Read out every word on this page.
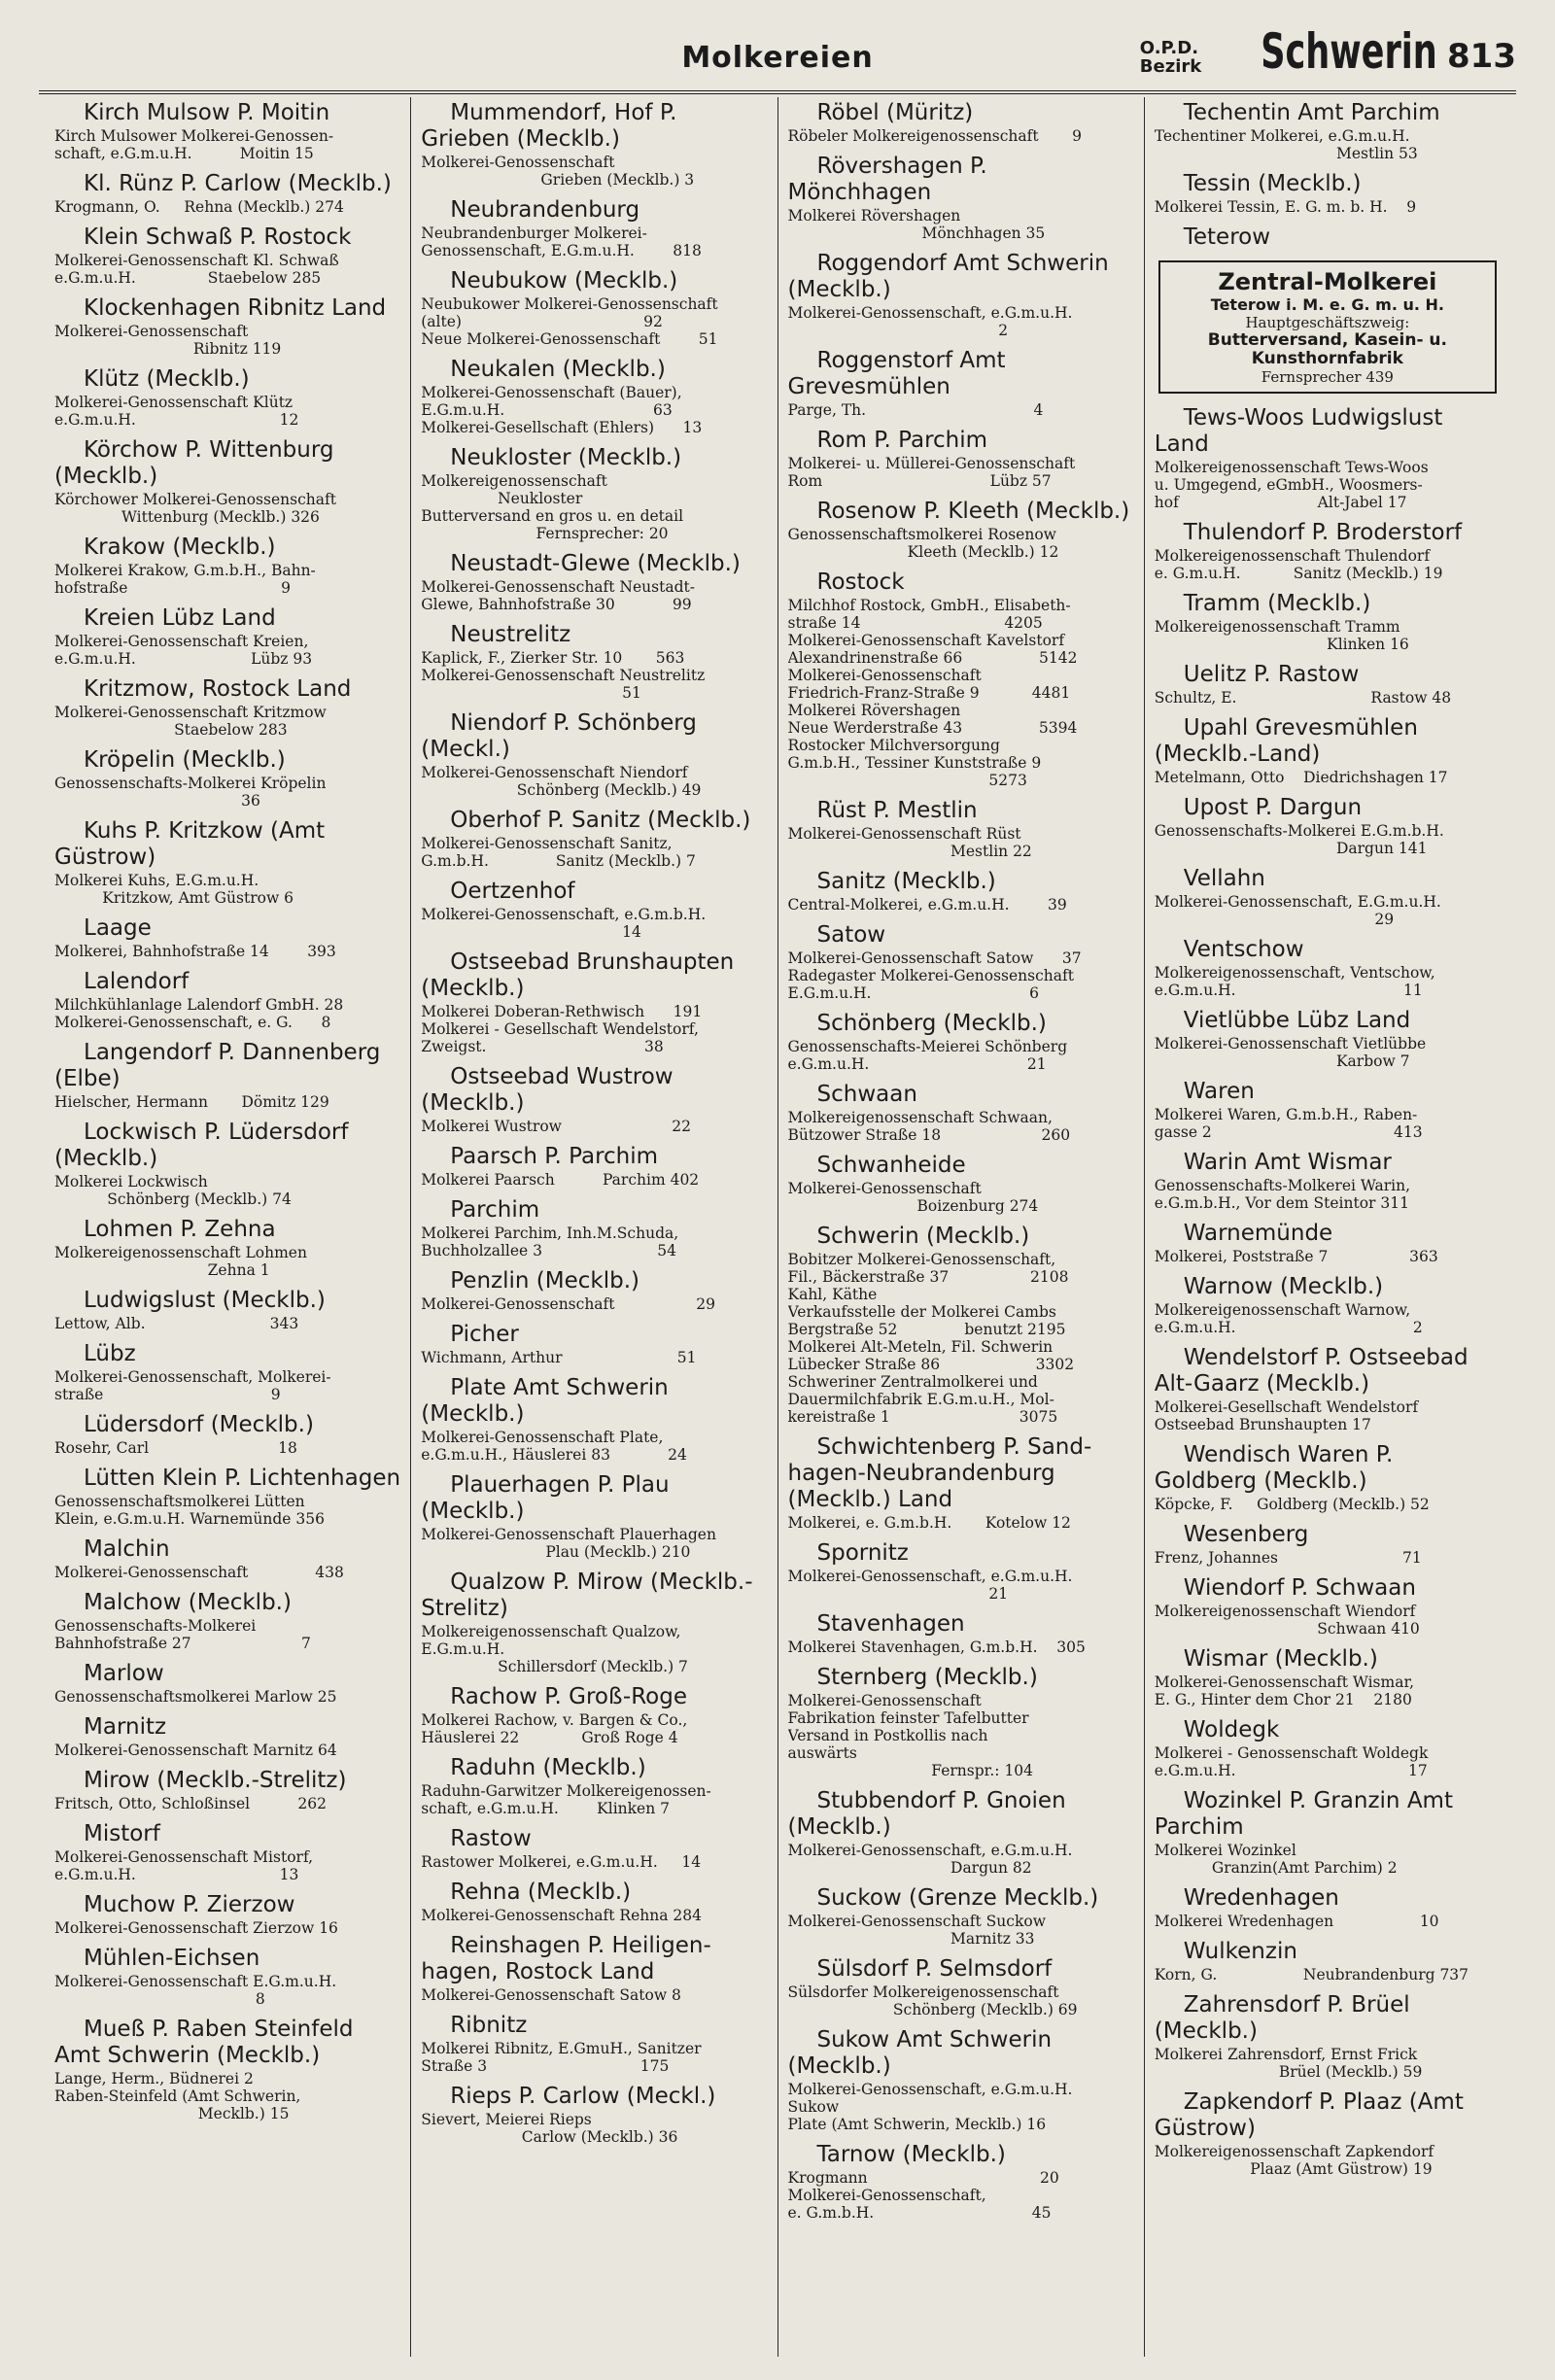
Molkereien	O.P.D.
Bezirk Schwerin 813
Kirch Mulsow P. Moitin
Kirch Mulsower Molkerei-Genossen-
schaft, e.G.m.u.H.          Moitin 15
Kl. Rünz P. Carlow (Mecklb.)
Krogmann, O.     Rehna (Mecklb.) 274
Klein Schwaß P. Rostock
Molkerei-Genossenschaft Kl. Schwaß
e.G.m.u.H.               Staebelow 285
Klockenhagen Ribnitz Land
Molkerei-Genossenschaft
Ribnitz 119
Klütz (Mecklb.)
Molkerei-Genossenschaft Klütz
e.G.m.u.H.                              12
Körchow P. Wittenburg (Mecklb.)
Körchower Molkerei-Genossenschaft
Wittenburg (Mecklb.) 326
Krakow (Mecklb.)
Molkerei Krakow, G.m.b.H., Bahn-
hofstraße                                9
Kreien Lübz Land
Molkerei-Genossenschaft Kreien,
e.G.m.u.H.                        Lübz 93
Kritzmow, Rostock Land
Molkerei-Genossenschaft Kritzmow
Staebelow 283
Kröpelin (Mecklb.)
Genossenschafts-Molkerei Kröpelin
36
Kuhs P. Kritzkow (Amt Güstrow)
Molkerei Kuhs, E.G.m.u.H.
Kritzkow, Amt Güstrow 6
Laage
Molkerei, Bahnhofstraße 14        393
Lalendorf
Milchkühlanlage Lalendorf GmbH. 28
Molkerei-Genossenschaft, e. G.      8
Langendorf P. Dannenberg (Elbe)
Hielscher, Hermann       Dömitz 129
Lockwisch P. Lüdersdorf (Mecklb.)
Molkerei Lockwisch
Schönberg (Mecklb.) 74
Lohmen P. Zehna
Molkereigenossenschaft Lohmen
Zehna 1
Ludwigslust (Mecklb.)
Lettow, Alb.                          343
Lübz
Molkerei-Genossenschaft, Molkerei-
straße                                   9
Lüdersdorf (Mecklb.)
Rosehr, Carl                           18
Lütten Klein P. Lichtenhagen
Genossenschaftsmolkerei Lütten
Klein, e.G.m.u.H. Warnemünde 356
Malchin
Molkerei-Genossenschaft              438
Malchow (Mecklb.)
Genossenschafts-Molkerei
Bahnhofstraße 27                       7
Marlow
Genossenschaftsmolkerei Marlow 25
Marnitz
Molkerei-Genossenschaft Marnitz 64
Mirow (Mecklb.-Strelitz)
Fritsch, Otto, Schloßinsel          262
Mistorf
Molkerei-Genossenschaft Mistorf,
e.G.m.u.H.                              13
Muchow P. Zierzow
Molkerei-Genossenschaft Zierzow 16
Mühlen-Eichsen
Molkerei-Genossenschaft E.G.m.u.H.
8
Mueß P. Raben Steinfeld Amt Schwerin (Mecklb.)
Lange, Herm., Büdnerei 2
Raben-Steinfeld (Amt Schwerin,
Mecklb.) 15
Mummendorf, Hof P. Grieben (Mecklb.)
Molkerei-Genossenschaft
Grieben (Mecklb.) 3
Neubrandenburg
Neubrandenburger Molkerei-
Genossenschaft, E.G.m.u.H.        818
Neubukow (Mecklb.)
Neubukower Molkerei-Genossenschaft
(alte)                                      92
Neue Molkerei-Genossenschaft        51
Neukalen (Mecklb.)
Molkerei-Genossenschaft (Bauer),
E.G.m.u.H.                               63
Molkerei-Gesellschaft (Ehlers)      13
Neukloster (Mecklb.)
Molkereigenossenschaft
Neukloster
Butterversand en gros u. en detail
Fernsprecher: 20
Neustadt-Glewe (Mecklb.)
Molkerei-Genossenschaft Neustadt-
Glewe, Bahnhofstraße 30            99
Neustrelitz
Kaplick, F., Zierker Str. 10       563
Molkerei-Genossenschaft Neustrelitz
51
Niendorf P. Schönberg (Meckl.)
Molkerei-Genossenschaft Niendorf
Schönberg (Mecklb.) 49
Oberhof P. Sanitz (Mecklb.)
Molkerei-Genossenschaft Sanitz,
G.m.b.H.              Sanitz (Mecklb.) 7
Oertzenhof
Molkerei-Genossenschaft, e.G.m.b.H.
14
Ostseebad Brunshaupten (Mecklb.)
Molkerei Doberan-Rethwisch      191
Molkerei - Gesellschaft Wendelstorf,
Zweigst.                                 38
Ostseebad Wustrow (Mecklb.)
Molkerei Wustrow                       22
Paarsch P. Parchim
Molkerei Paarsch          Parchim 402
Parchim
Molkerei Parchim, Inh.M.Schuda,
Buchholzallee 3                        54
Penzlin (Mecklb.)
Molkerei-Genossenschaft                 29
Picher
Wichmann, Arthur                        51
Plate Amt Schwerin (Mecklb.)
Molkerei-Genossenschaft Plate,
e.G.m.u.H., Häuslerei 83            24
Plauerhagen P. Plau (Mecklb.)
Molkerei-Genossenschaft Plauerhagen
Plau (Mecklb.) 210
Qualzow P. Mirow (Mecklb.-Strelitz)
Molkereigenossenschaft Qualzow,
E.G.m.u.H.
Schillersdorf (Mecklb.) 7
Rachow P. Groß-Roge
Molkerei Rachow, v. Bargen & Co.,
Häuslerei 22             Groß Roge 4
Raduhn (Mecklb.)
Raduhn-Garwitzer Molkereigenossen-
schaft, e.G.m.u.H.        Klinken 7
Rastow
Rastower Molkerei, e.G.m.u.H.     14
Rehna (Mecklb.)
Molkerei-Genossenschaft Rehna 284
Reinshagen P. Heiligen-hagen, Rostock Land
Molkerei-Genossenschaft Satow 8
Ribnitz
Molkerei Ribnitz, E.GmuH., Sanitzer
Straße 3                                175
Rieps P. Carlow (Meckl.)
Sievert, Meierei Rieps
Carlow (Mecklb.) 36
Röbel (Müritz)
Röbeler Molkereigenossenschaft       9
Rövershagen P. Mönchhagen
Molkerei Rövershagen
Mönchhagen 35
Roggendorf Amt Schwerin (Mecklb.)
Molkerei-Genossenschaft, e.G.m.u.H.
2
Roggenstorf Amt Grevesmühlen
Parge, Th.                                   4
Rom P. Parchim
Molkerei- u. Müllerei-Genossenschaft
Rom                                   Lübz 57
Rosenow P. Kleeth (Mecklb.)
Genossenschaftsmolkerei Rosenow
Kleeth (Mecklb.) 12
Rostock
Milchhof Rostock, GmbH., Elisabeth-
straße 14                              4205
Molkerei-Genossenschaft Kavelstorf
Alexandrinenstraße 66                5142
Molkerei-Genossenschaft
Friedrich-Franz-Straße 9           4481
Molkerei Rövershagen
Neue Werderstraße 43                5394
Rostocker Milchversorgung
G.m.b.H., Tessiner Kunststraße 9
5273
Rüst P. Mestlin
Molkerei-Genossenschaft Rüst
Mestlin 22
Sanitz (Mecklb.)
Central-Molkerei, e.G.m.u.H.        39
Satow
Molkerei-Genossenschaft Satow      37
Radegaster Molkerei-Genossenschaft
E.G.m.u.H.                                 6
Schönberg (Mecklb.)
Genossenschafts-Meierei Schönberg
e.G.m.u.H.                                 21
Schwaan
Molkereigenossenschaft Schwaan,
Bützower Straße 18                     260
Schwanheide
Molkerei-Genossenschaft
Boizenburg 274
Schwerin (Mecklb.)
Bobitzer Molkerei-Genossenschaft,
Fil., Bäckerstraße 37                 2108
Kahl, Käthe
Verkaufsstelle der Molkerei Cambs
Bergstraße 52              benutzt 2195
Molkerei Alt-Meteln, Fil. Schwerin
Lübecker Straße 86                    3302
Schweriner Zentralmolkerei und
Dauermilchfabrik E.G.m.u.H., Mol-
kereistraße 1                           3075
Schwichtenberg P. Sand-hagen-Neubrandenburg (Mecklb.) Land
Molkerei, e. G.m.b.H.       Kotelow 12
Spornitz
Molkerei-Genossenschaft, e.G.m.u.H.
21
Stavenhagen
Molkerei Stavenhagen, G.m.b.H.    305
Sternberg (Mecklb.)
Molkerei-Genossenschaft
Fabrikation feinster Tafelbutter
Versand in Postkollis nach
auswärts
Fernspr.: 104
Stubbendorf P. Gnoien (Mecklb.)
Molkerei-Genossenschaft, e.G.m.u.H.
Dargun 82
Suckow (Grenze Mecklb.)
Molkerei-Genossenschaft Suckow
Marnitz 33
Sülsdorf P. Selmsdorf
Sülsdorfer Molkereigenossenschaft
Schönberg (Mecklb.) 69
Sukow Amt Schwerin (Mecklb.)
Molkerei-Genossenschaft, e.G.m.u.H.
Sukow
Plate (Amt Schwerin, Mecklb.) 16
Tarnow (Mecklb.)
Krogmann                                    20
Molkerei-Genossenschaft,
e. G.m.b.H.                                 45
Techentin Amt Parchim
Techentiner Molkerei, e.G.m.u.H.
Mestlin 53
Tessin (Mecklb.)
Molkerei Tessin, E. G. m. b. H.    9
Teterow
Zentral-Molkerei
Teterow i. M. e. G. m. u. H.
Hauptgeschäftszweig:
Butterversand, Kasein- u. Kunsthornfabrik
Fernsprecher 439
Tews-Woos Ludwigslust Land
Molkereigenossenschaft Tews-Woos
u. Umgegend, eGmbH., Woosmers-
hof                             Alt-Jabel 17
Thulendorf P. Broderstorf
Molkereigenossenschaft Thulendorf
e. G.m.u.H.           Sanitz (Mecklb.) 19
Tramm (Mecklb.)
Molkereigenossenschaft Tramm
Klinken 16
Uelitz P. Rastow
Schultz, E.                            Rastow 48
Upahl Grevesmühlen (Mecklb.-Land)
Metelmann, Otto    Diedrichshagen 17
Upost P. Dargun
Genossenschafts-Molkerei E.G.m.b.H.
Dargun 141
Vellahn
Molkerei-Genossenschaft, E.G.m.u.H.
29
Ventschow
Molkereigenossenschaft, Ventschow,
e.G.m.u.H.                                   11
Vietlübbe Lübz Land
Molkerei-Genossenschaft Vietlübbe
Karbow 7
Waren
Molkerei Waren, G.m.b.H., Raben-
gasse 2                                      413
Warin Amt Wismar
Genossenschafts-Molkerei Warin,
e.G.m.b.H., Vor dem Steintor 311
Warnemünde
Molkerei, Poststraße 7                 363
Warnow (Mecklb.)
Molkereigenossenschaft Warnow,
e.G.m.u.H.                                     2
Wendelstorf P. Ostseebad Alt-Gaarz (Mecklb.)
Molkerei-Gesellschaft Wendelstorf
Ostseebad Brunshaupten 17
Wendisch Waren P. Goldberg (Mecklb.)
Köpcke, F.     Goldberg (Mecklb.) 52
Wesenberg
Frenz, Johannes                          71
Wiendorf P. Schwaan
Molkereigenossenschaft Wiendorf
Schwaan 410
Wismar (Mecklb.)
Molkerei-Genossenschaft Wismar,
E. G., Hinter dem Chor 21    2180
Woldegk
Molkerei - Genossenschaft Woldegk
e.G.m.u.H.                                    17
Wozinkel P. Granzin Amt Parchim
Molkerei Wozinkel
Granzin(Amt Parchim) 2
Wredenhagen
Molkerei Wredenhagen                  10
Wulkenzin
Korn, G.                  Neubrandenburg 737
Zahrensdorf P. Brüel (Mecklb.)
Molkerei Zahrensdorf, Ernst Frick
Brüel (Mecklb.) 59
Zapkendorf P. Plaaz (Amt Güstrow)
Molkereigenossenschaft Zapkendorf
Plaaz (Amt Güstrow) 19
